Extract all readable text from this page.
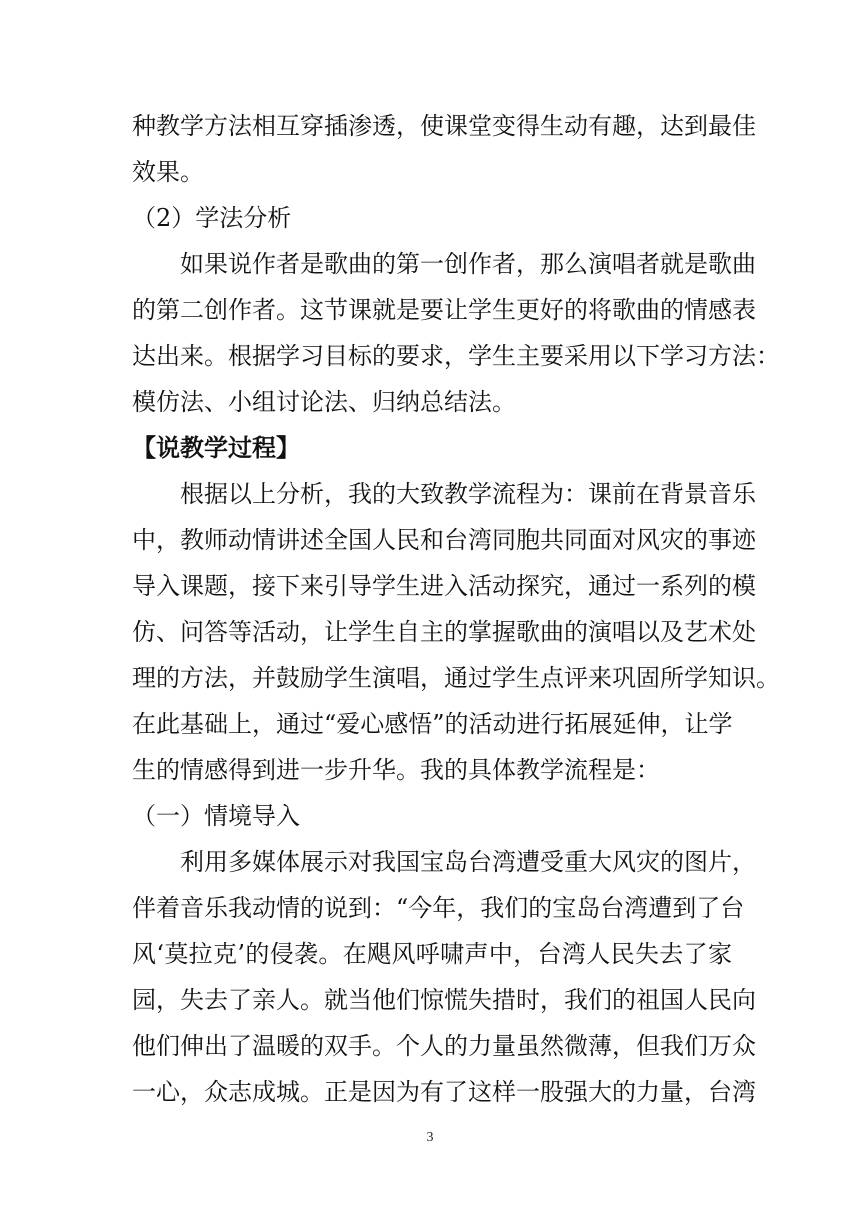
种教学方法相互穿插渗透，使课堂变得生动有趣，达到最佳
效果。
（2）学法分析
如果说作者是歌曲的第一创作者，那么演唱者就是歌曲
的第二创作者。这节课就是要让学生更好的将歌曲的情感表
达出来。根据学习目标的要求，学生主要采用以下学习方法：
模仿法、小组讨论法、归纳总结法。
【说教学过程】
根据以上分析，我的大致教学流程为：课前在背景音乐
中，教师动情讲述全国人民和台湾同胞共同面对风灾的事迹
导入课题，接下来引导学生进入活动探究，通过一系列的模
仿、问答等活动，让学生自主的掌握歌曲的演唱以及艺术处
理的方法，并鼓励学生演唱，通过学生点评来巩固所学知识。
在此基础上，通过“爱心感悟”的活动进行拓展延伸，让学
生的情感得到进一步升华。我的具体教学流程是：
（一）情境导入
利用多媒体展示对我国宝岛台湾遭受重大风灾的图片，
伴着音乐我动情的说到：“今年，我们的宝岛台湾遭到了台
风‘莫拉克’的侵袭。在飓风呼啸声中，台湾人民失去了家
园，失去了亲人。就当他们惊慌失措时，我们的祖国人民向
他们伸出了温暖的双手。个人的力量虽然微薄，但我们万众
一心，众志成城。正是因为有了这样一股强大的力量，台湾
3
